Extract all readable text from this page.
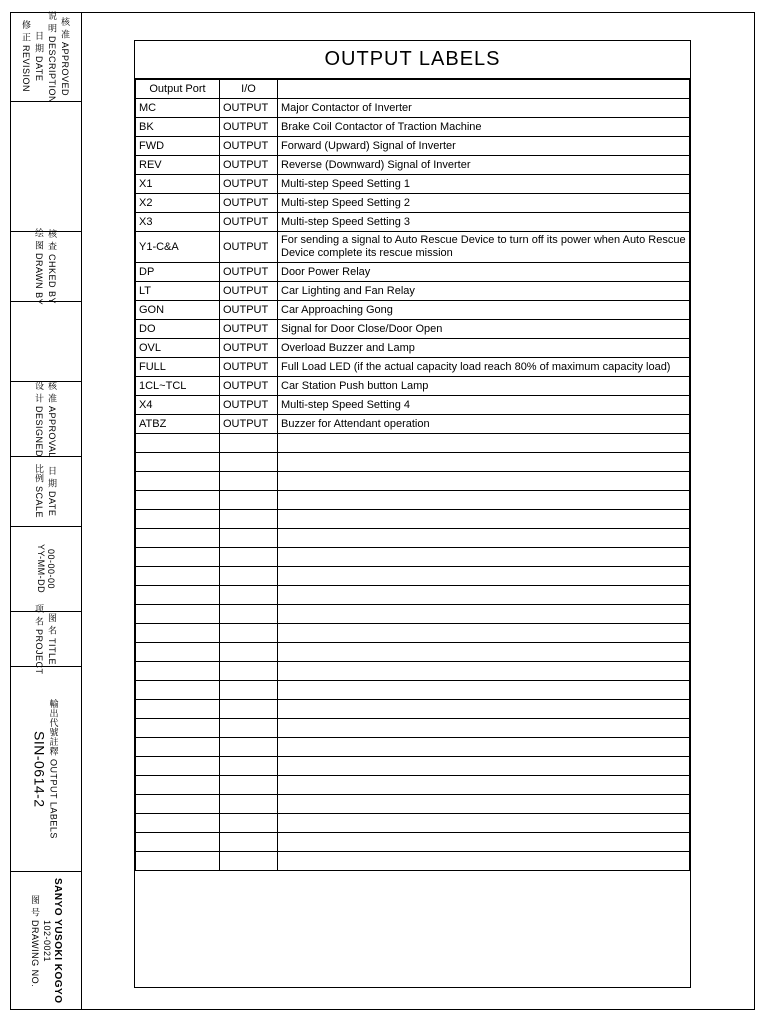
修 正 REVISION 日 期 DATE 说 明 DESCRIPTION 核 准 APPROVED
绘 图 DRAWN BY 核 查 CHKED BY
设 计 DESIGNED 核 准 APPROVAL
比例 SCALE 日 期 DATE
YY-MM-DD 00-00-00
项 名 PROJECT 图 名 TITLE
SIN-0614-2 輸出代號註釋 OUTPUT LABELS
图 号 DRAWING NO. 102-0021 SANYO YUSOKI KOGYO
OUTPUT LABELS
Output Port	I/O	
MC	OUTPUT	Major Contactor of Inverter
BK	OUTPUT	Brake Coil Contactor of Traction Machine
FWD	OUTPUT	Forward (Upward) Signal of Inverter
REV	OUTPUT	Reverse (Downward) Signal of Inverter
X1	OUTPUT	Multi-step Speed Setting 1
X2	OUTPUT	Multi-step Speed Setting 2
X3	OUTPUT	Multi-step Speed Setting 3
Y1-C&A	OUTPUT	For sending a signal to Auto Rescue Device to turn off its power when Auto Rescue Device complete its rescue mission
DP	OUTPUT	Door Power Relay
LT	OUTPUT	Car Lighting and Fan Relay
GON	OUTPUT	Car Approaching Gong
DO	OUTPUT	Signal for Door Close/Door Open
OVL	OUTPUT	Overload Buzzer and Lamp
FULL	OUTPUT	Full Load LED (if the actual capacity load reach 80% of maximum capacity load)
1CL~TCL	OUTPUT	Car Station Push button Lamp
X4	OUTPUT	Multi-step Speed Setting 4
ATBZ	OUTPUT	Buzzer for Attendant operation
